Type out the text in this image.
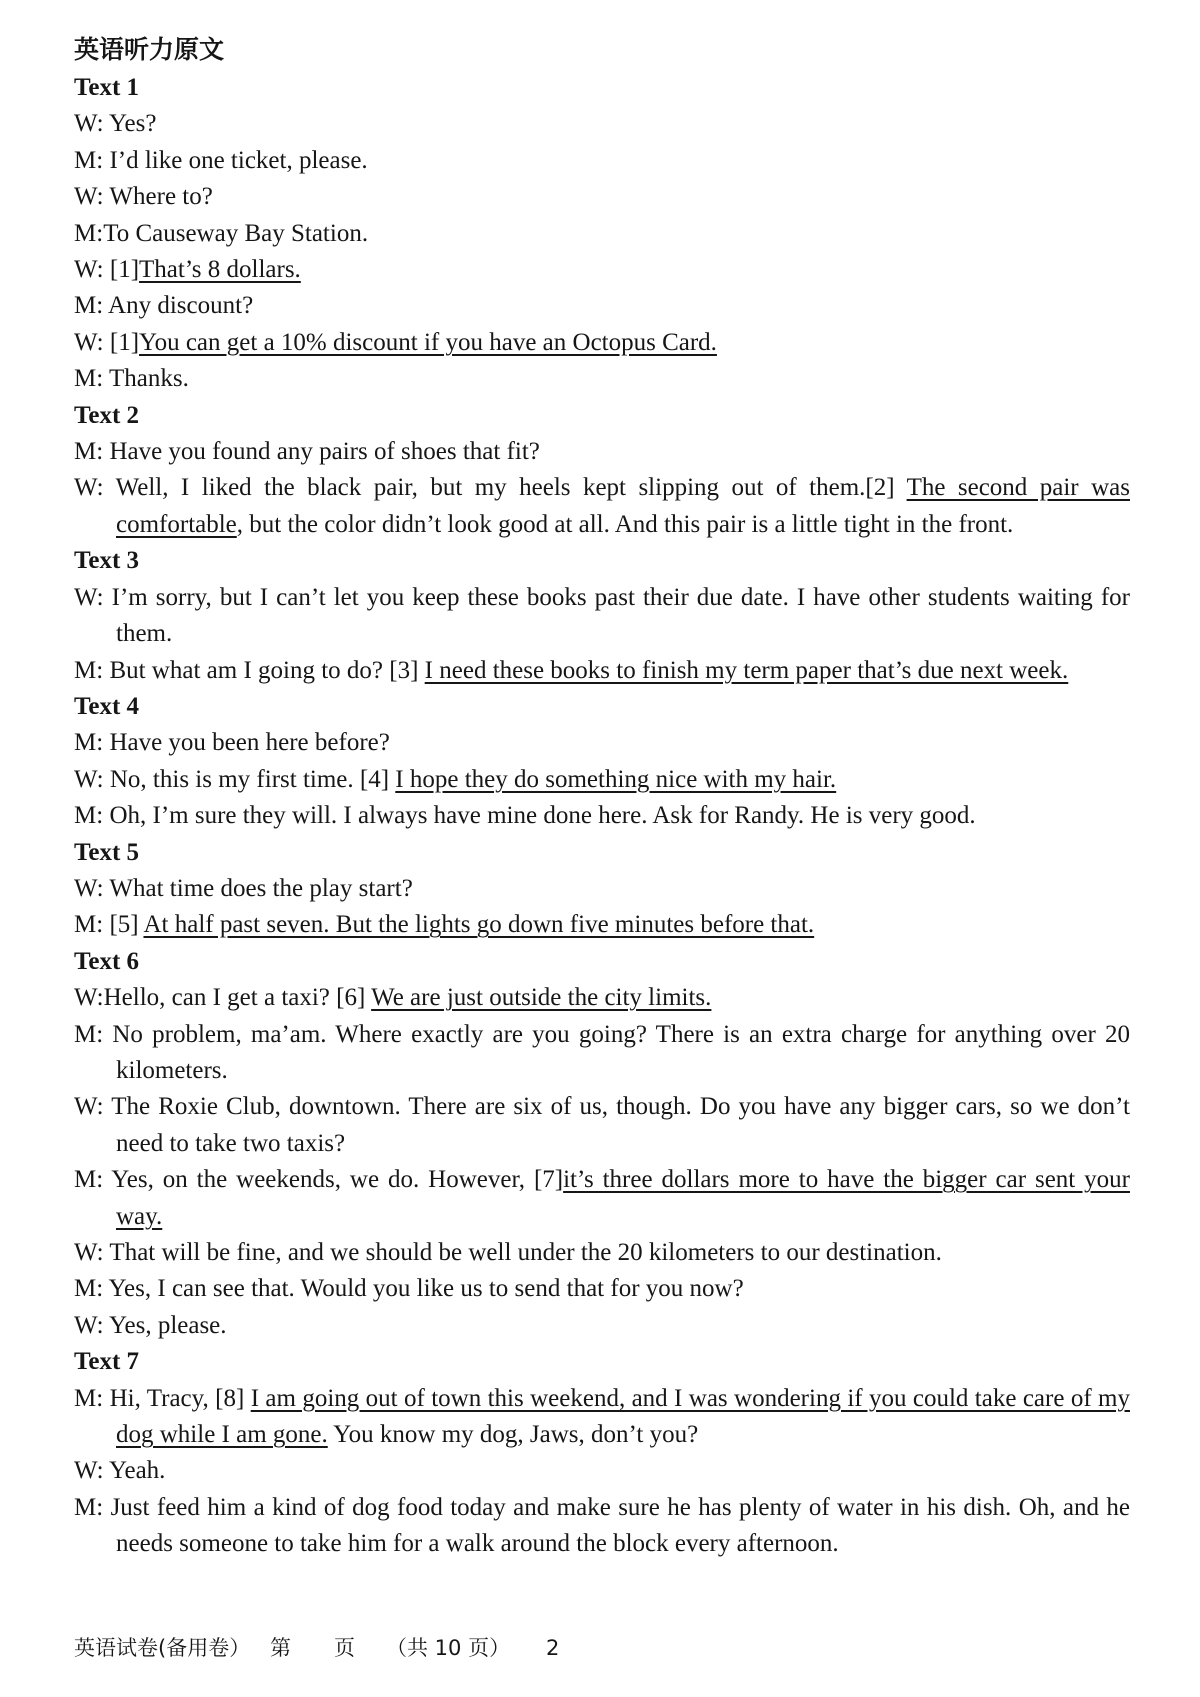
英语听力原文

Text 1

W: Yes?

M: I’d like one ticket, please.

W: Where to?

M:To Causeway Bay Station.

W: [1]That’s 8 dollars.

M: Any discount?

W: [1]You can get a 10% discount if you have an Octopus Card.

M: Thanks.

Text 2

M: Have you found any pairs of shoes that fit?

W: Well, I liked the black pair, but my heels kept slipping out of them.[2] The second pair was comfortable, but the color didn’t look good at all. And this pair is a little tight in the front.

Text 3

W: I’m sorry, but I can’t let you keep these books past their due date. I have other students waiting for them.

M: But what am I going to do? [3] I need these books to finish my term paper that’s due next week.

Text 4

M: Have you been here before?

W: No, this is my first time. [4] I hope they do something nice with my hair.

M: Oh, I’m sure they will. I always have mine done here. Ask for Randy. He is very good.

Text 5

W: What time does the play start?

M: [5] At half past seven. But the lights go down five minutes before that.

Text 6

W:Hello, can I get a taxi? [6] We are just outside the city limits.

M: No problem, ma’am. Where exactly are you going? There is an extra charge for anything over 20 kilometers.

W: The Roxie Club, downtown. There are six of us, though. Do you have any bigger cars, so we don’t need to take two taxis?

M: Yes, on the weekends, we do. However, [7]it’s three dollars more to have the bigger car sent your way.

W: That will be fine, and we should be well under the 20 kilometers to our destination.

M: Yes, I can see that. Would you like us to send that for you now?

W: Yes, please.

Text 7

M: Hi, Tracy, [8] I am going out of town this weekend, and I was wondering if you could take care of my dog while I am gone. You know my dog, Jaws, don’t you?

W: Yeah.

M: Just feed him a kind of dog food today and make sure he has plenty of water in his dish. Oh, and he needs someone to take him for a walk around the block every afternoon.

英语试卷(备用卷） 第 页 （共 10 页） 2
